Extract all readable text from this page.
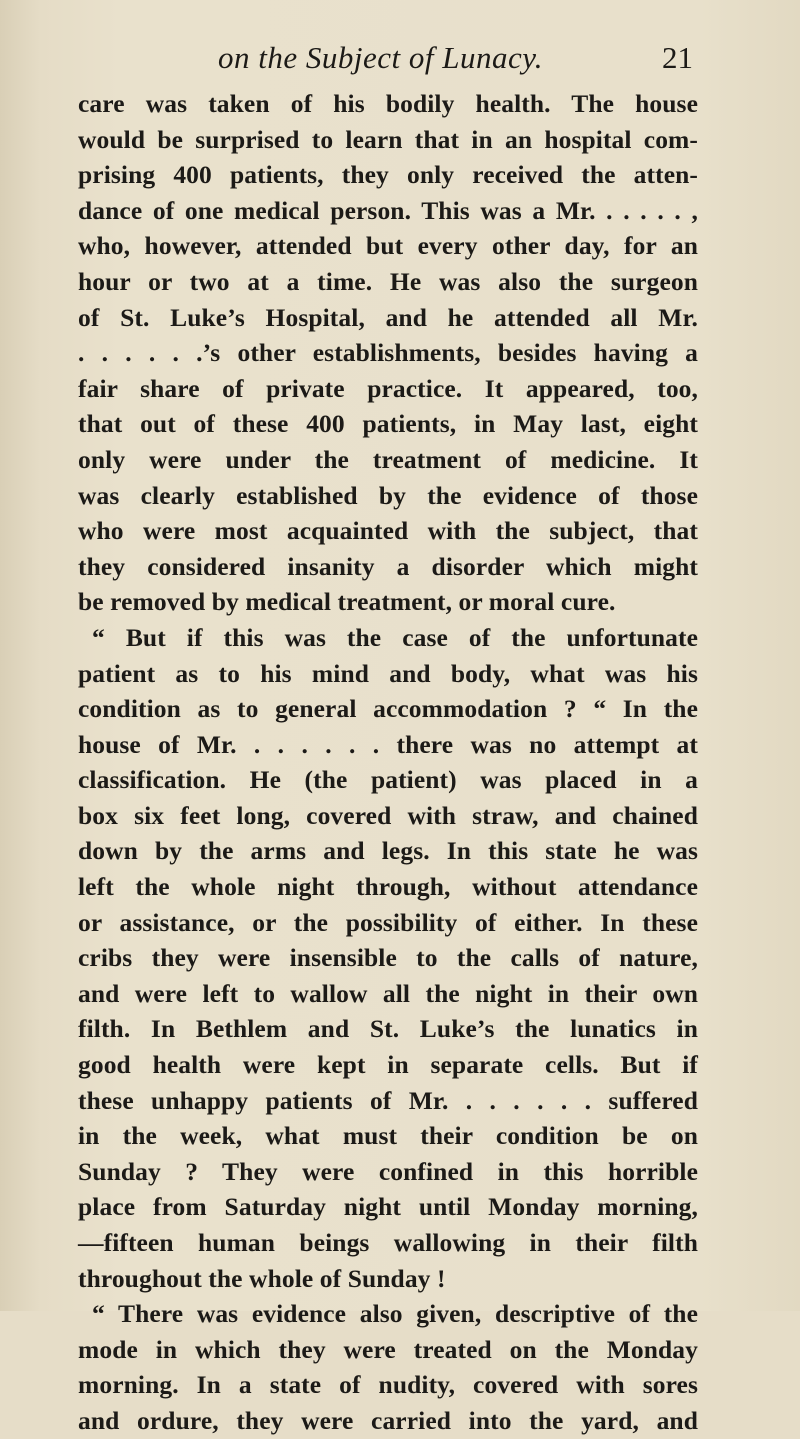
on the Subject of Lunacy.	21
care was taken of his bodily health. The house
would be surprised to learn that in an hospital com-
prising 400 patients, they only received the atten-
dance of one medical person. This was a Mr. . . . . . ,
who, however, attended but every other day, for an
hour or two at a time. He was also the surgeon
of St. Luke’s Hospital, and he attended all Mr.
. . . . . .’s other establishments, besides having a
fair share of private practice. It appeared, too,
that out of these 400 patients, in May last, eight
only were under the treatment of medicine. It
was clearly established by the evidence of those
who were most acquainted with the subject, that
they considered insanity a disorder which might
be removed by medical treatment, or moral cure.
“ But if this was the case of the unfortunate
patient as to his mind and body, what was his
condition as to general accommodation ? “ In the
house of Mr. . . . . . . there was no attempt at
classification. He (the patient) was placed in a
box six feet long, covered with straw, and chained
down by the arms and legs. In this state he was
left the whole night through, without attendance
or assistance, or the possibility of either. In these
cribs they were insensible to the calls of nature,
and were left to wallow all the night in their own
filth. In Bethlem and St. Luke’s the lunatics in
good health were kept in separate cells. But if
these unhappy patients of Mr. . . . . . . suffered
in the week, what must their condition be on
Sunday ? They were confined in this horrible
place from Saturday night until Monday morning,
—fifteen human beings wallowing in their filth
throughout the whole of Sunday !
“ There was evidence also given, descriptive of the
mode in which they were treated on the Monday
morning. In a state of nudity, covered with sores
and ordure, they were carried into the yard, and
